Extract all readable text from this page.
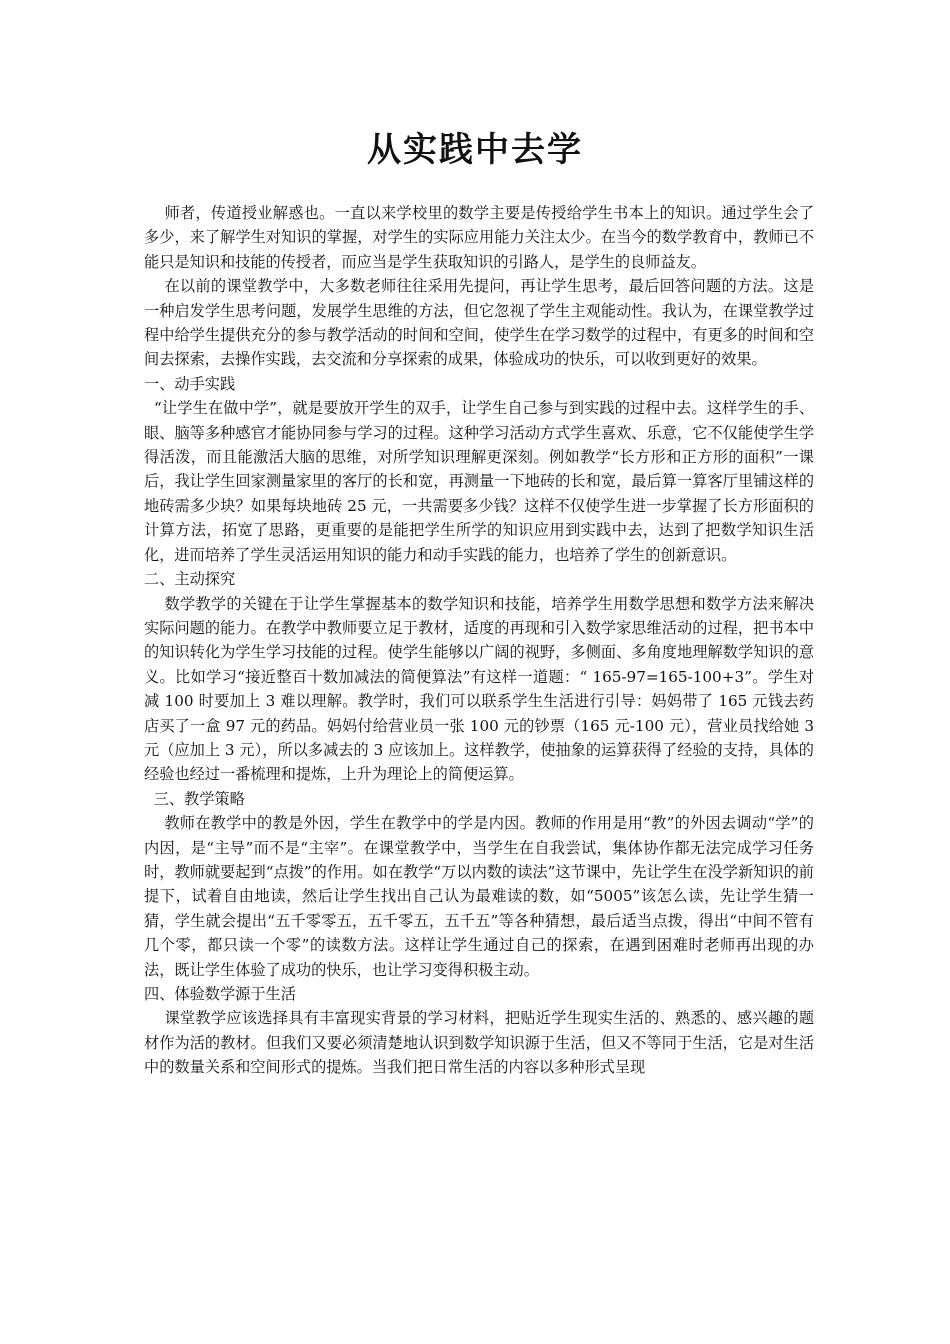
从实践中去学

师者，传道授业解惑也。一直以来学校里的数学主要是传授给学生书本上的知识。通过学生会了多少，来了解学生对知识的掌握，对学生的实际应用能力关注太少。在当今的数学教育中，教师已不能只是知识和技能的传授者，而应当是学生获取知识的引路人，是学生的良师益友。

在以前的课堂教学中，大多数老师往往采用先提问，再让学生思考，最后回答问题的方法。这是一种启发学生思考问题，发展学生思维的方法，但它忽视了学生主观能动性。我认为，在课堂教学过程中给学生提供充分的参与教学活动的时间和空间，使学生在学习数学的过程中，有更多的时间和空间去探索，去操作实践，去交流和分享探索的成果，体验成功的快乐，可以收到更好的效果。

一、动手实践

“让学生在做中学”，就是要放开学生的双手，让学生自己参与到实践的过程中去。这样学生的手、眼、脑等多种感官才能协同参与学习的过程。这种学习活动方式学生喜欢、乐意，它不仅能使学生学得活泼，而且能激活大脑的思维，对所学知识理解更深刻。例如教学“长方形和正方形的面积”一课后，我让学生回家测量家里的客厅的长和宽，再测量一下地砖的长和宽，最后算一算客厅里铺这样的地砖需多少块？如果每块地砖 25 元，一共需要多少钱？这样不仅使学生进一步掌握了长方形面积的计算方法，拓宽了思路，更重要的是能把学生所学的知识应用到实践中去，达到了把数学知识生活化，进而培养了学生灵活运用知识的能力和动手实践的能力，也培养了学生的创新意识。

二、主动探究

数学教学的关键在于让学生掌握基本的数学知识和技能，培养学生用数学思想和数学方法来解决实际问题的能力。在教学中教师要立足于教材，适度的再现和引入数学家思维活动的过程，把书本中的知识转化为学生学习技能的过程。使学生能够以广阔的视野，多侧面、多角度地理解数学知识的意义。比如学习“接近整百十数加减法的简便算法”有这样一道题：“ 165-97=165-100+3”。学生对减 100 时要加上 3 难以理解。教学时，我们可以联系学生生活进行引导：妈妈带了 165 元钱去药店买了一盒 97 元的药品。妈妈付给营业员一张 100 元的钞票（165 元-100 元），营业员找给她 3 元（应加上 3 元），所以多减去的 3 应该加上。这样教学，使抽象的运算获得了经验的支持，具体的经验也经过一番梳理和提炼，上升为理论上的简便运算。

三、教学策略

教师在教学中的教是外因，学生在教学中的学是内因。教师的作用是用“教”的外因去调动“学”的内因，是“主导”而不是“主宰”。在课堂教学中，当学生在自我尝试，集体协作都无法完成学习任务时，教师就要起到“点拨”的作用。如在教学“万以内数的读法”这节课中，先让学生在没学新知识的前提下，试着自由地读，然后让学生找出自己认为最难读的数，如“5005”该怎么读，先让学生猜一猜，学生就会提出“五千零零五，五千零五，五千五”等各种猜想，最后适当点拨，得出“中间不管有几个零，都只读一个零”的读数方法。这样让学生通过自己的探索，在遇到困难时老师再出现的办法，既让学生体验了成功的快乐，也让学习变得积极主动。

四、体验数学源于生活

课堂教学应该选择具有丰富现实背景的学习材料，把贴近学生现实生活的、熟悉的、感兴趣的题材作为活的教材。但我们又要必须清楚地认识到数学知识源于生活，但又不等同于生活，它是对生活中的数量关系和空间形式的提炼。当我们把日常生活的内容以多种形式呈现
